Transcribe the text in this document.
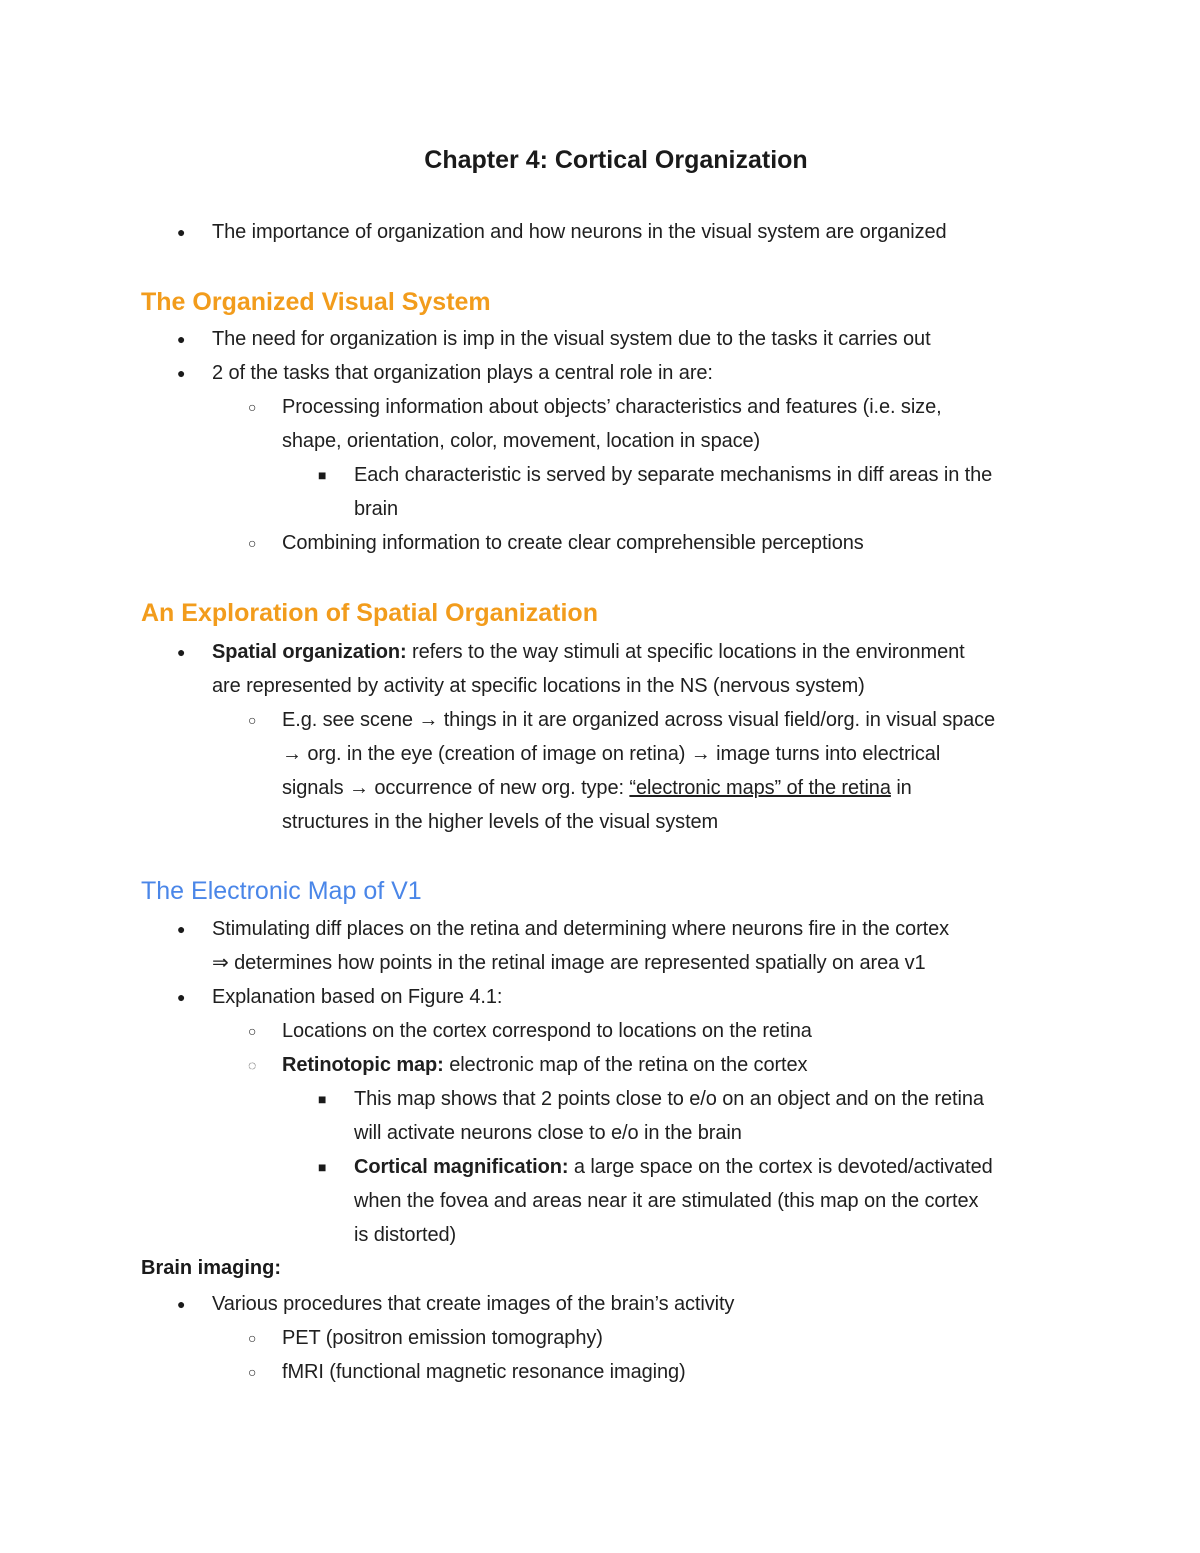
Chapter 4: Cortical Organization
● The importance of organization and how neurons in the visual system are organized
The Organized Visual System
● The need for organization is imp in the visual system due to the tasks it carries out
● 2 of the tasks that organization plays a central role in are:
○ Processing information about objects’ characteristics and features (i.e. size,
shape, orientation, color, movement, location in space)
■ Each characteristic is served by separate mechanisms in diff areas in the
brain
○ Combining information to create clear comprehensible perceptions
An Exploration of Spatial Organization
● Spatial organization: refers to the way stimuli at specific locations in the environment
are represented by activity at specific locations in the NS (nervous system)
○ E.g. see scene → things in it are organized across visual field/org. in visual space
→ org. in the eye (creation of image on retina) → image turns into electrical
signals → occurrence of new org. type: “electronic maps” of the retina in
structures in the higher levels of the visual system
The Electronic Map of V1
● Stimulating diff places on the retina and determining where neurons fire in the cortex
⇒ determines how points in the retinal image are represented spatially on area v1
● Explanation based on Figure 4.1:
○ Locations on the cortex correspond to locations on the retina
◌ Retinotopic map: electronic map of the retina on the cortex
■ This map shows that 2 points close to e/o on an object and on the retina
will activate neurons close to e/o in the brain
■ Cortical magnification: a large space on the cortex is devoted/activated
when the fovea and areas near it are stimulated (this map on the cortex
is distorted)
Brain imaging:
● Various procedures that create images of the brain’s activity
○ PET (positron emission tomography)
○ fMRI (functional magnetic resonance imaging)
